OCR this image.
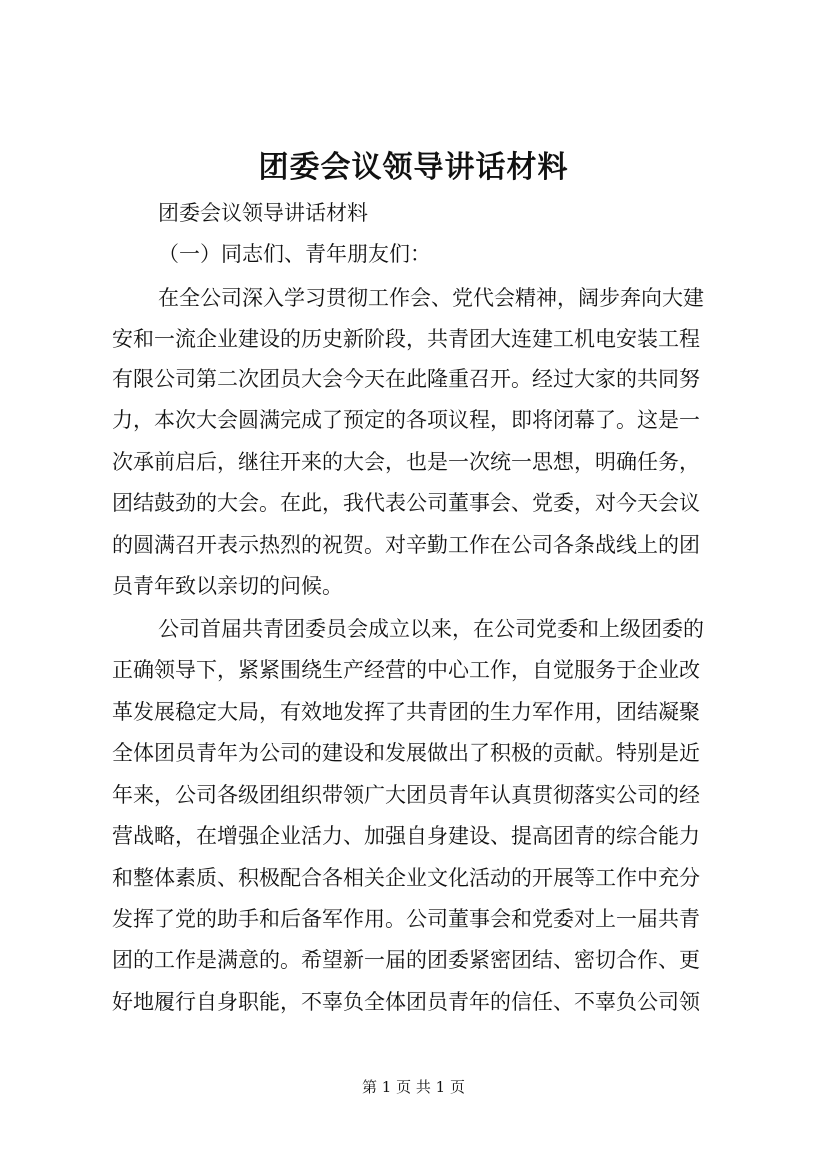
团委会议领导讲话材料
团委会议领导讲话材料
（一）同志们、青年朋友们：
在全公司深入学习贯彻工作会、党代会精神，阔步奔向大建
安和一流企业建设的历史新阶段，共青团大连建工机电安装工程
有限公司第二次团员大会今天在此隆重召开。经过大家的共同努
力，本次大会圆满完成了预定的各项议程，即将闭幕了。这是一
次承前启后，继往开来的大会，也是一次统一思想，明确任务，
团结鼓劲的大会。在此，我代表公司董事会、党委，对今天会议
的圆满召开表示热烈的祝贺。对辛勤工作在公司各条战线上的团
员青年致以亲切的问候。
公司首届共青团委员会成立以来，在公司党委和上级团委的
正确领导下，紧紧围绕生产经营的中心工作，自觉服务于企业改
革发展稳定大局，有效地发挥了共青团的生力军作用，团结凝聚
全体团员青年为公司的建设和发展做出了积极的贡献。特别是近
年来，公司各级团组织带领广大团员青年认真贯彻落实公司的经
营战略，在增强企业活力、加强自身建设、提高团青的综合能力
和整体素质、积极配合各相关企业文化活动的开展等工作中充分
发挥了党的助手和后备军作用。公司董事会和党委对上一届共青
团的工作是满意的。希望新一届的团委紧密团结、密切合作、更
好地履行自身职能，不辜负全体团员青年的信任、不辜负公司领
第 1 页 共 1 页
